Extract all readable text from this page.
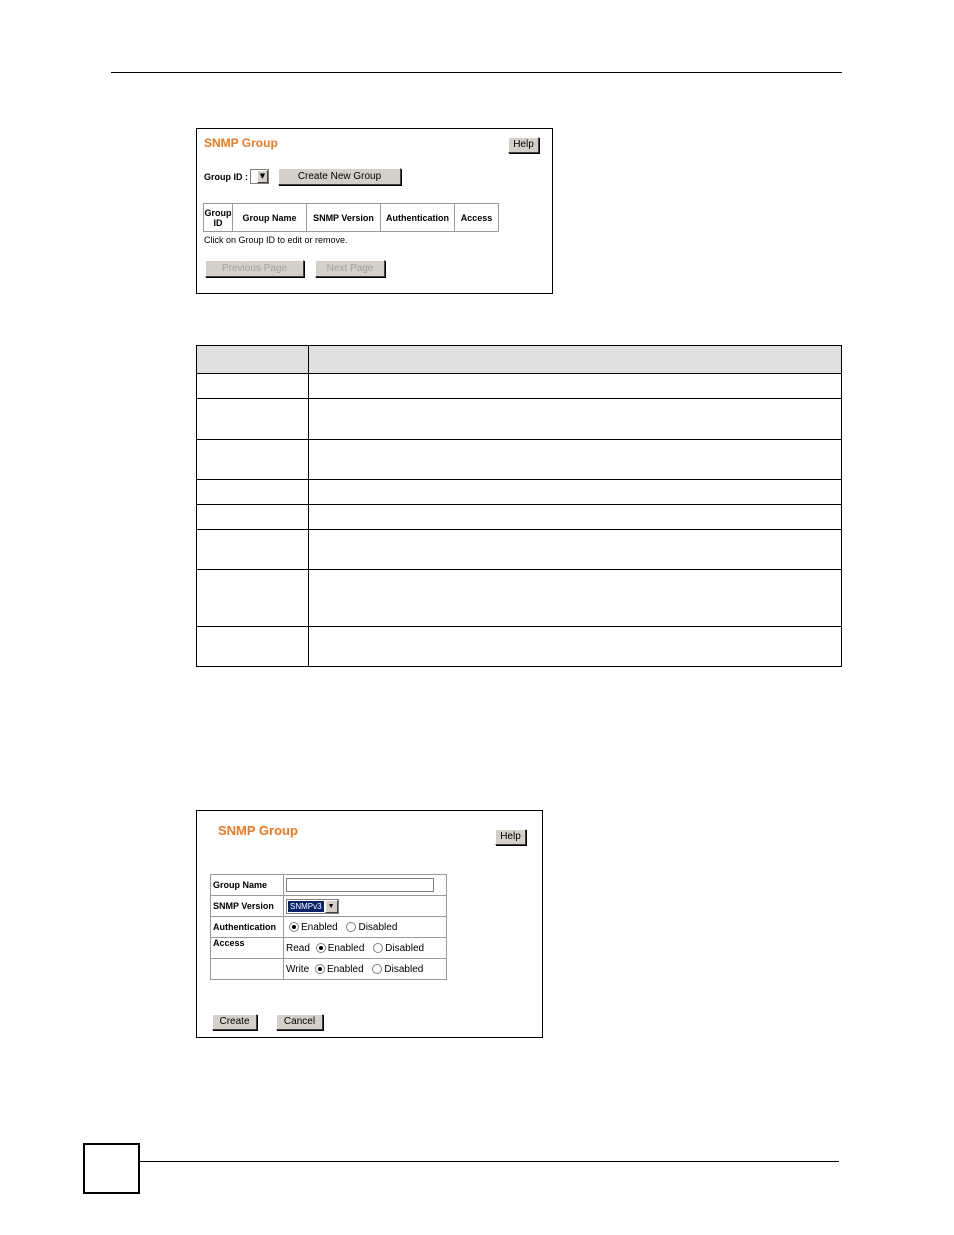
SNMP Group	Help
Group ID :	▼	Create New Group
Group ID	Group Name	SNMP Version	Authentication	Access
Click on Group ID to edit or remove.
Previous Page	Next Page

SNMP Group	Help
Group Name	
SNMP Version	SNMPv3 ▼
Authentication	Enabled Disabled
Access	Read Enabled Disabled
	Write Enabled Disabled
Create	Cancel
